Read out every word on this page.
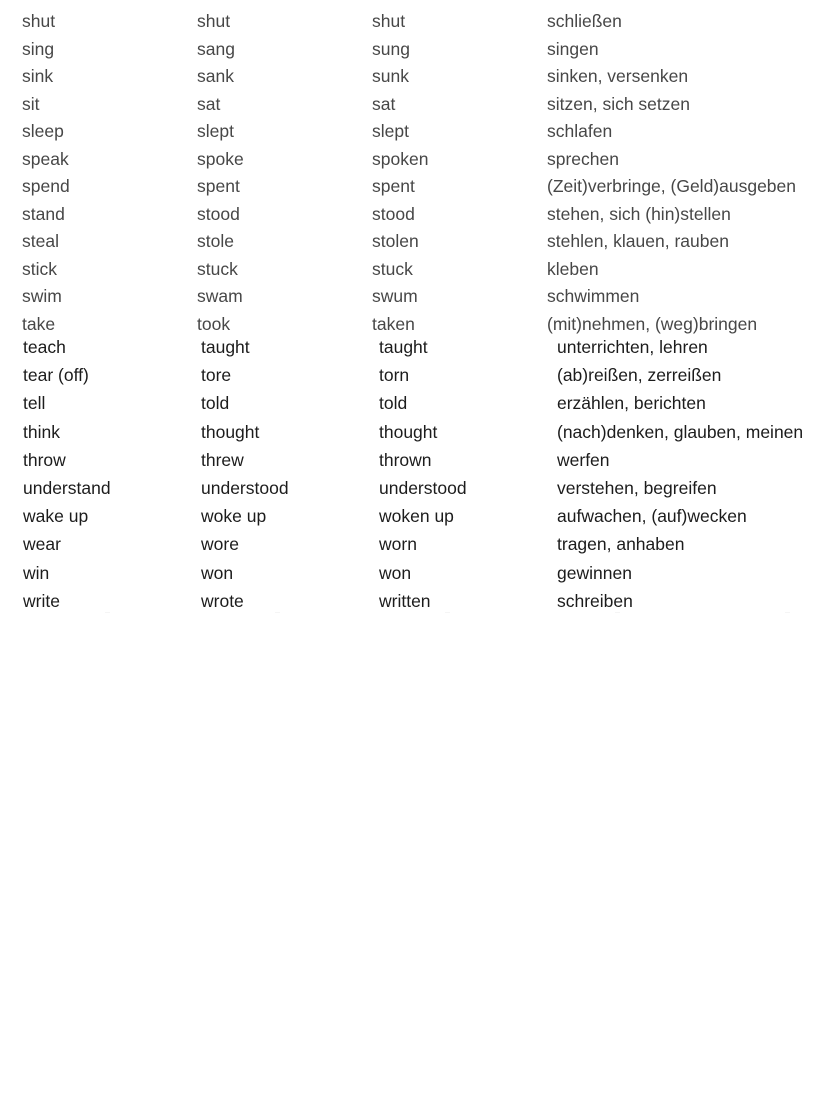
shut	shut	shut	schließen
sing	sang	sung	singen
sink	sank	sunk	sinken, versenken
sit	sat	sat	sitzen, sich setzen
sleep	slept	slept	schlafen
speak	spoke	spoken	sprechen
spend	spent	spent	(Zeit)verbringe, (Geld)ausgeben
stand	stood	stood	stehen, sich (hin)stellen
steal	stole	stolen	stehlen, klauen, rauben
stick	stuck	stuck	kleben
swim	swam	swum	schwimmen
take	took	taken	(mit)nehmen, (weg)bringen
teach	taught	taught	unterrichten, lehren
tear (off)	tore	torn	(ab)reißen, zerreißen
tell	told	told	erzählen, berichten
think	thought	thought	(nach)denken, glauben, meinen
throw	threw	thrown	werfen
understand	understood	understood	verstehen, begreifen
wake up	woke up	woken up	aufwachen, (auf)wecken
wear	wore	worn	tragen, anhaben
win	won	won	gewinnen
write	wrote	written	schreiben
